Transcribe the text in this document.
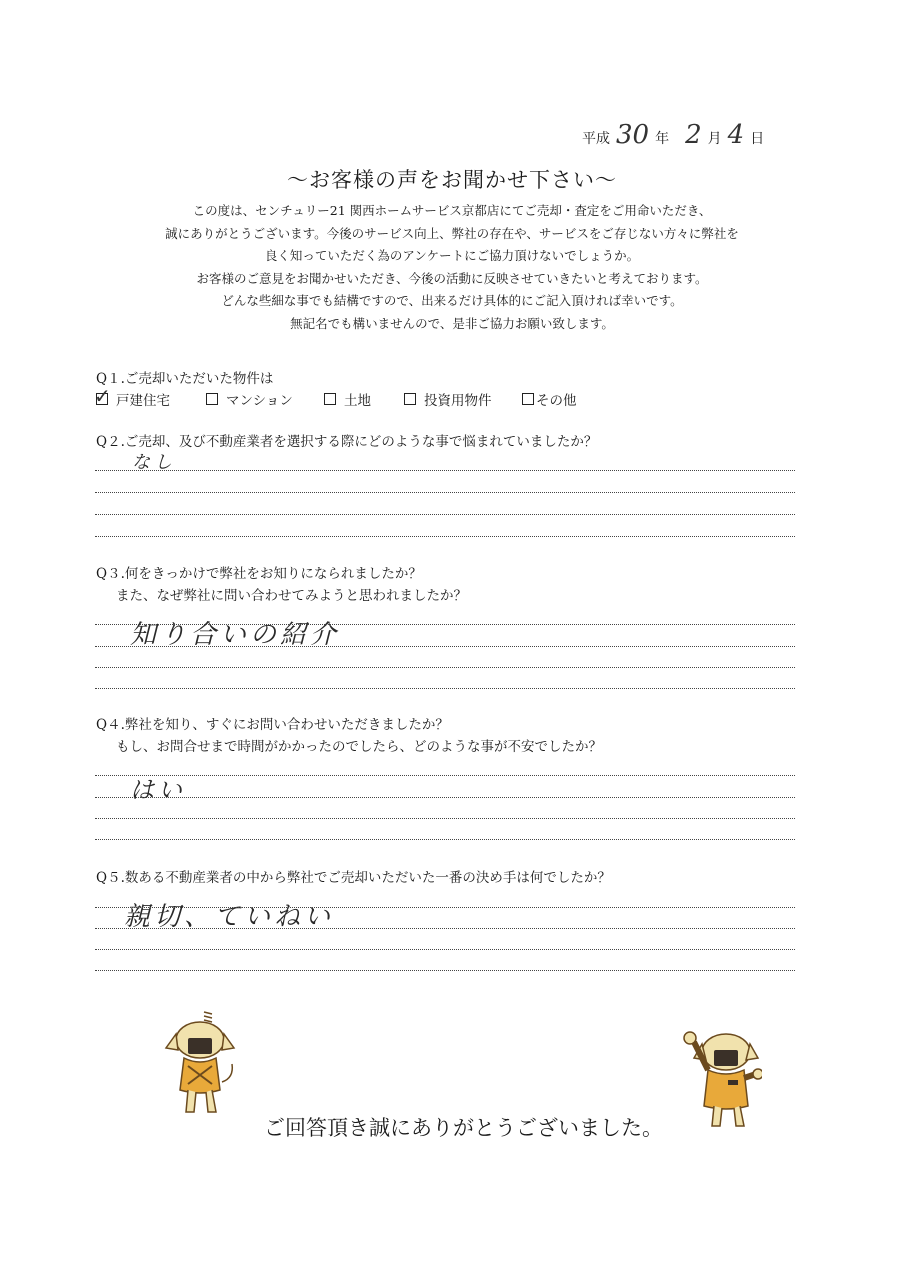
平成 30 年 2 月 4 日
～お客様の声をお聞かせ下さい～
この度は、センチュリー21 関西ホームサービス京都店にてご売却・査定をご用命いただき、
誠にありがとうございます。今後のサービス向上、弊社の存在や、サービスをご存じない方々に弊社を
良く知っていただく為のアンケートにご協力頂けないでしょうか。
お客様のご意見をお聞かせいただき、今後の活動に反映させていきたいと考えております。
どんな些細な事でも結構ですので、出来るだけ具体的にご記入頂ければ幸いです。
無記名でも構いませんので、是非ご協力お願い致します。
Q１.ご売却いただいた物件は
✓ 戸建住宅	マンション	土地	投資用物件	その他
Q２.ご売却、及び不動産業者を選択する際にどのような事で悩まれていましたか？
なし
Q３.何をきっかけで弊社をお知りになられましたか？
また、なぜ弊社に問い合わせてみようと思われましたか？
知り合いの紹介
Q４.弊社を知り、すぐにお問い合わせいただきましたか？
もし、お問合せまで時間がかかったのでしたら、どのような事が不安でしたか？
はい
Q５.数ある不動産業者の中から弊社でご売却いただいた一番の決め手は何でしたか？
親切、ていねい
ご回答頂き誠にありがとうございました。
